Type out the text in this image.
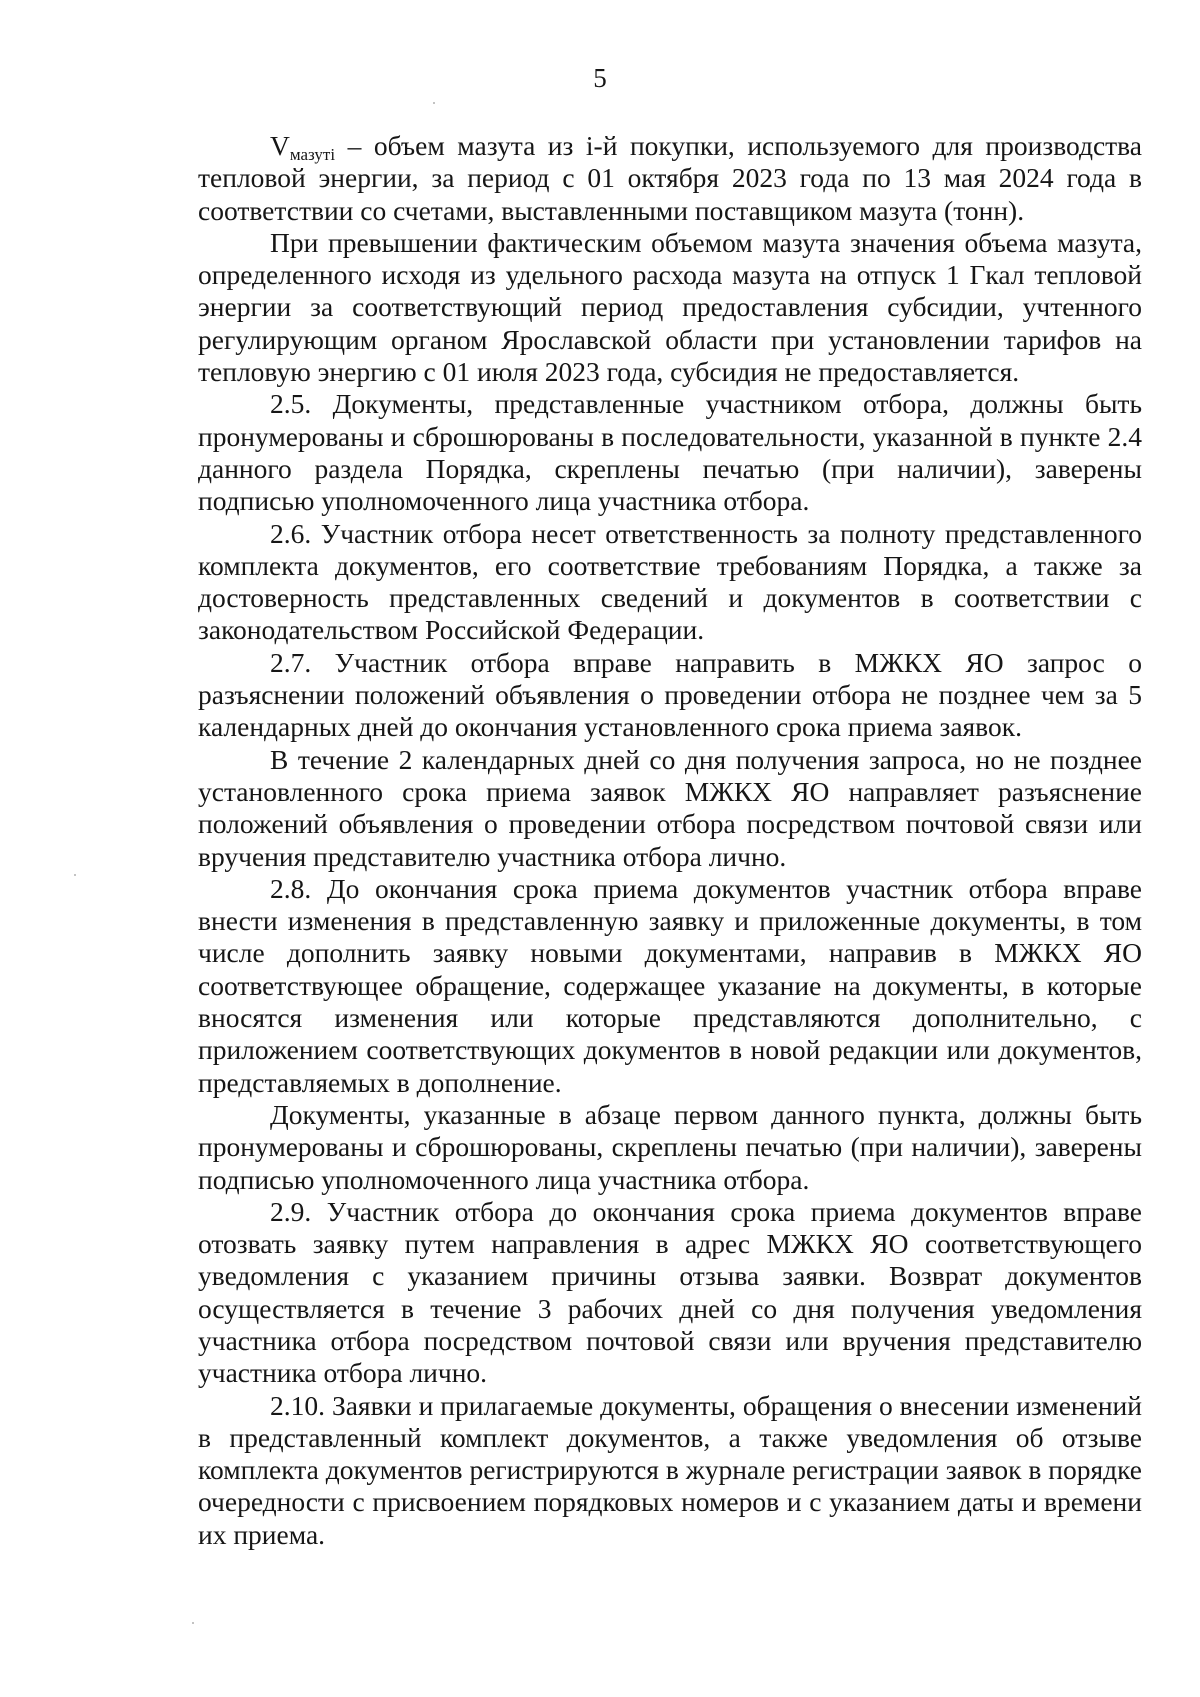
5

$V_{мазутi}$ – объем мазута из i-й покупки, используемого для производства тепловой энергии, за период с 01 октября 2023 года по 13 мая 2024 года в соответствии со счетами, выставленными поставщиком мазута (тонн).

При превышении фактическим объемом мазута значения объема мазута, определенного исходя из удельного расхода мазута на отпуск 1 Гкал тепловой энергии за соответствующий период предоставления субсидии, учтенного регулирующим органом Ярославской области при установлении тарифов на тепловую энергию с 01 июля 2023 года, субсидия не предоставляется.

2.5. Документы, представленные участником отбора, должны быть пронумерованы и сброшюрованы в последовательности, указанной в пункте 2.4 данного раздела Порядка, скреплены печатью (при наличии), заверены подписью уполномоченного лица участника отбора.

2.6. Участник отбора несет ответственность за полноту представленного комплекта документов, его соответствие требованиям Порядка, а также за достоверность представленных сведений и документов в соответствии с законодательством Российской Федерации.

2.7. Участник отбора вправе направить в МЖКХ ЯО запрос о разъяснении положений объявления о проведении отбора не позднее чем за 5 календарных дней до окончания установленного срока приема заявок.

В течение 2 календарных дней со дня получения запроса, но не позднее установленного срока приема заявок МЖКХ ЯО направляет разъяснение положений объявления о проведении отбора посредством почтовой связи или вручения представителю участника отбора лично.

2.8. До окончания срока приема документов участник отбора вправе внести изменения в представленную заявку и приложенные документы, в том числе дополнить заявку новыми документами, направив в МЖКХ ЯО соответствующее обращение, содержащее указание на документы, в которые вносятся изменения или которые представляются дополнительно, с приложением соответствующих документов в новой редакции или документов, представляемых в дополнение.

Документы, указанные в абзаце первом данного пункта, должны быть пронумерованы и сброшюрованы, скреплены печатью (при наличии), заверены подписью уполномоченного лица участника отбора.

2.9. Участник отбора до окончания срока приема документов вправе отозвать заявку путем направления в адрес МЖКХ ЯО соответствующего уведомления с указанием причины отзыва заявки. Возврат документов осуществляется в течение 3 рабочих дней со дня получения уведомления участника отбора посредством почтовой связи или вручения представителю участника отбора лично.

2.10. Заявки и прилагаемые документы, обращения о внесении изменений в представленный комплект документов, а также уведомления об отзыве комплекта документов регистрируются в журнале регистрации заявок в порядке очередности с присвоением порядковых номеров и с указанием даты и времени их приема.
